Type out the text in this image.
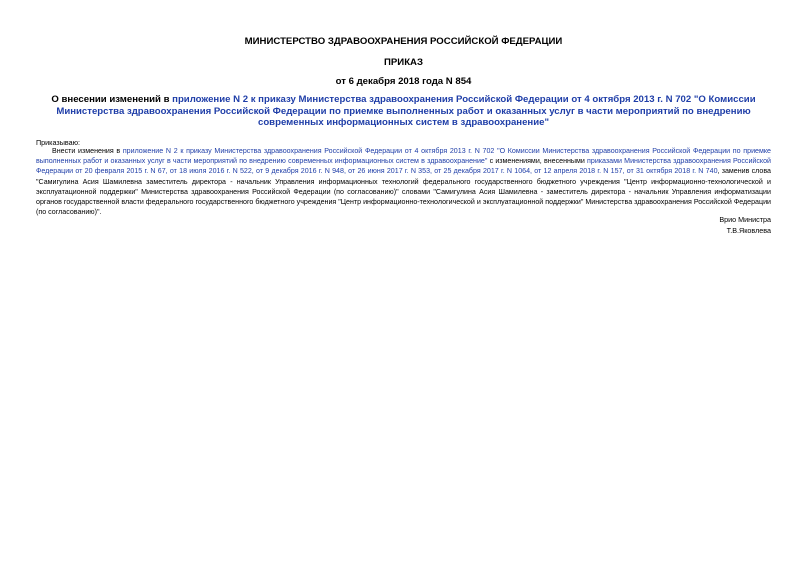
МИНИСТЕРСТВО ЗДРАВООХРАНЕНИЯ РОССИЙСКОЙ ФЕДЕРАЦИИ
ПРИКАЗ
от 6 декабря 2018 года N 854
О внесении изменений в приложение N 2 к приказу Министерства здравоохранения Российской Федерации от 4 октября 2013 г. N 702 "О Комиссии Министерства здравоохранения Российской Федерации по приемке выполненных работ и оказанных услуг в части мероприятий по внедрению современных информационных систем в здравоохранение"
Приказываю:
Внести изменения в приложение N 2 к приказу Министерства здравоохранения Российской Федерации от 4 октября 2013 г. N 702 "О Комиссии Министерства здравоохранения Российской Федерации по приемке выполненных работ и оказанных услуг в части мероприятий по внедрению современных информационных систем в здравоохранение" с изменениями, внесенными приказами Министерства здравоохранения Российской Федерации от 20 февраля 2015 г. N 67, от 18 июля 2016 г. N 522, от 9 декабря 2016 г. N 948, от 26 июня 2017 г. N 353, от 25 декабря 2017 г. N 1064, от 12 апреля 2018 г. N 157, от 31 октября 2018 г. N 740, заменив слова "Самигулина Асия Шамилевна заместитель директора - начальник Управления информационных технологий федерального государственного бюджетного учреждения "Центр информационно-технологической и эксплуатационной поддержки" Министерства здравоохранения Российской Федерации (по согласованию)" словами "Самигулина Асия Шамилевна - заместитель директора - начальник Управления информатизации органов государственной власти федерального государственного бюджетного учреждения "Центр информационно-технологической и эксплуатационной поддержки" Министерства здравоохранения Российской Федерации (по согласованию)".
Врио Министра
Т.В.Яковлева
